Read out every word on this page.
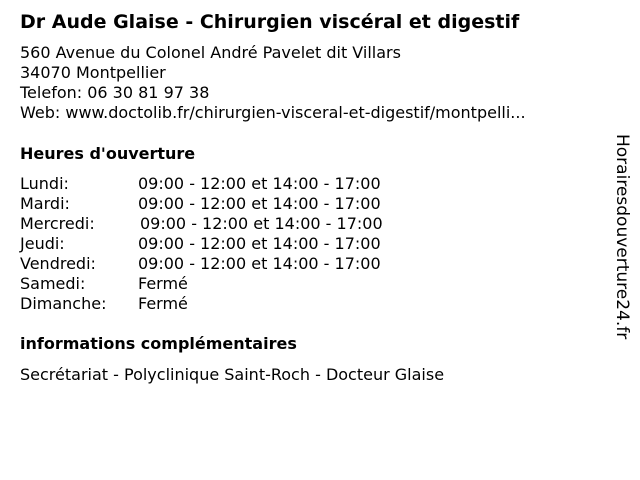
Dr Aude Glaise - Chirurgien viscéral et digestif
560 Avenue du Colonel André Pavelet dit Villars
34070 Montpellier
Telefon: 06 30 81 97 38
Web: www.doctolib.fr/chirurgien-visceral-et-digestif/montpelli...
Heures d'ouverture
Lundi:	09:00 - 12:00 et 14:00 - 17:00
Mardi:	09:00 - 12:00 et 14:00 - 17:00
Mercredi:	09:00 - 12:00 et 14:00 - 17:00
Jeudi:	09:00 - 12:00 et 14:00 - 17:00
Vendredi:	09:00 - 12:00 et 14:00 - 17:00
Samedi:	Fermé
Dimanche: Fermé
informations complémentaires
Secrétariat - Polyclinique Saint-Roch - Docteur Glaise
Horairesdouverture24.fr
